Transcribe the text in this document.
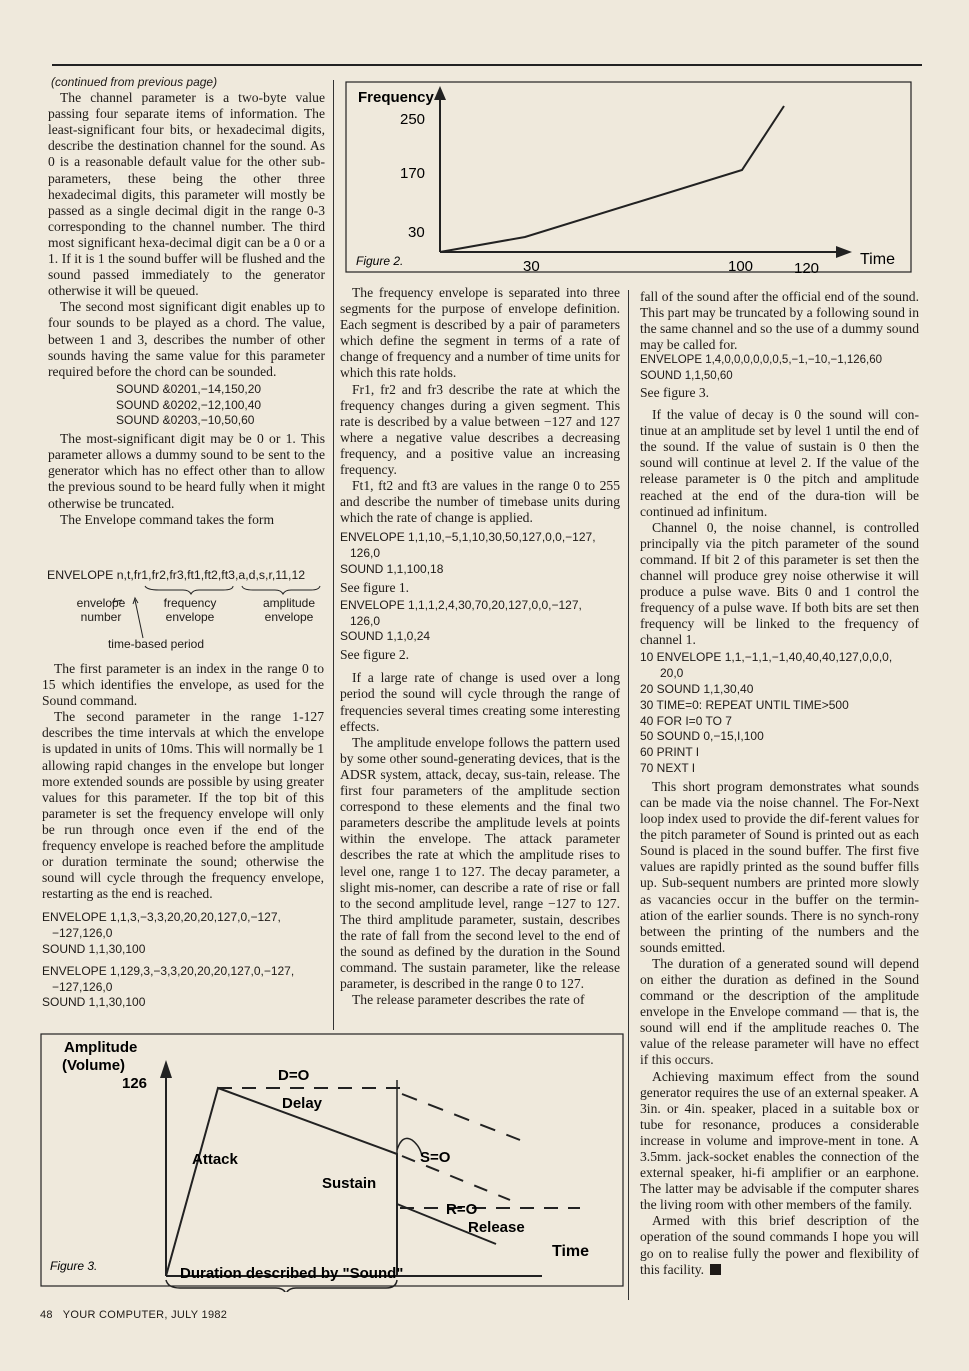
(continued from previous page)

The channel parameter is a two-byte value passing four separate items of information. The least-significant four bits, or hexadecimal digits, describe the destination channel for the sound. As 0 is a reasonable default value for the other sub-parameters, these being the other three hexadecimal digits, this parameter will mostly be passed as a single decimal digit in the range 0-3 corresponding to the channel number. The third most significant hexa-decimal digit can be a 0 or a 1. If it is 1 the sound buffer will be flushed and the sound passed immediately to the generator otherwise it will be queued.

The second most significant digit enables up to four sounds to be played as a chord. The value, between 1 and 3, describes the number of other sounds having the same value for this parameter required before the chord can be sounded.

SOUND &0201,−14,150,20
SOUND &0202,−12,100,40
SOUND &0203,−10,50,60

The most-significant digit may be 0 or 1. This parameter allows a dummy sound to be sent to the generator which has no effect other than to allow the previous sound to be heard fully when it might otherwise be truncated.

The Envelope command takes the form

ENVELOPE n,t,fr1,fr2,fr3,ft1,ft2,ft3,a,d,s,r,11,12
envelope
number
frequency
envelope
amplitude
envelope
time-based period

The first parameter is an index in the range 0 to 15 which identifies the envelope, as used for the Sound command.

The second parameter in the range 1-127 describes the time intervals at which the envelope is updated in units of 10ms. This will normally be 1 allowing rapid changes in the envelope but longer more extended sounds are possible by using greater values for this parameter. If the top bit of this parameter is set the frequency envelope will only be run through once even if the end of the frequency envelope is reached before the amplitude or duration terminate the sound; otherwise the sound will cycle through the frequency envelope, restarting as the end is reached.

ENVELOPE 1,1,3,−3,3,20,20,20,127,0,−127,
−127,126,0
SOUND 1,1,30,100
ENVELOPE 1,129,3,−3,3,20,20,20,127,0,−127,
−127,126,0
SOUND 1,1,30,100
Frequency
250
170
30
30	100	120
Time
Figure 2.

The frequency envelope is separated into three segments for the purpose of envelope definition. Each segment is described by a pair of parameters which define the segment in terms of a rate of change of frequency and a number of time units for which this rate holds.

Fr1, fr2 and fr3 describe the rate at which the frequency changes during a given segment. This rate is described by a value between −127 and 127 where a negative value describes a decreasing frequency, and a positive value an increasing frequency.

Ft1, ft2 and ft3 are values in the range 0 to 255 and describe the number of timebase units during which the rate of change is applied.

ENVELOPE 1,1,10,−5,1,10,30,50,127,0,0,−127,
126,0
SOUND 1,1,100,18

See figure 1.

ENVELOPE 1,1,1,2,4,30,70,20,127,0,0,−127,
126,0
SOUND 1,1,0,24

See figure 2.

If a large rate of change is used over a long period the sound will cycle through the range of frequencies several times creating some interesting effects.

The amplitude envelope follows the pattern used by some other sound-generating devices, that is the ADSR system, attack, decay, sus-tain, release. The first four parameters of the amplitude section correspond to these elements and the final two parameters describe the amplitude levels at points within the envelope. The attack parameter describes the rate at which the amplitude rises to level one, range 1 to 127. The decay parameter, a slight mis-nomer, can describe a rate of rise or fall to the second amplitude level, range −127 to 127. The third amplitude parameter, sustain, describes the rate of fall from the second level to the end of the sound as defined by the duration in the Sound command. The sustain parameter, like the release parameter, is described in the range 0 to 127.

The release parameter describes the rate of

fall of the sound after the official end of the sound. This part may be truncated by a following sound in the same channel and so the use of a dummy sound may be called for.

ENVELOPE 1,4,0,0,0,0,0,0,5,−1,−10,−1,126,60
SOUND 1,1,50,60

See figure 3.

If the value of decay is 0 the sound will con-tinue at an amplitude set by level 1 until the end of the sound. If the value of sustain is 0 then the sound will continue at level 2. If the value of the release parameter is 0 the pitch and amplitude reached at the end of the dura-tion will be continued ad infinitum.

Channel 0, the noise channel, is controlled principally via the pitch parameter of the sound command. If bit 2 of this parameter is set then the channel will produce grey noise otherwise it will produce a pulse wave. Bits 0 and 1 control the frequency of a pulse wave. If both bits are set then frequency will be linked to the frequency of channel 1.

10 ENVELOPE 1,1,−1,1,−1,40,40,40,127,0,0,0,
20,0
20 SOUND 1,1,30,40
30 TIME=0: REPEAT UNTIL TIME>500
40 FOR I=0 TO 7
50 SOUND 0,−15,I,100
60 PRINT I
70 NEXT I

This short program demonstrates what sounds can be made via the noise channel. The For-Next loop index used to provide the dif-ferent values for the pitch parameter of Sound is printed out as each Sound is placed in the sound buffer. The first five values are rapidly printed as the sound buffer fills up. Sub-sequent numbers are printed more slowly as vacancies occur in the buffer on the termin-ation of the earlier sounds. There is no synch-rony between the printing of the numbers and the sounds emitted.

The duration of a generated sound will depend on either the duration as defined in the Sound command or the description of the amplitude envelope in the Envelope command — that is, the sound will end if the amplitude reaches 0. The value of the release parameter will have no effect if this occurs.

Achieving maximum effect from the sound generator requires the use of an external speaker. A 3in. or 4in. speaker, placed in a suitable box or tube for resonance, produces a considerable increase in volume and improve-ment in tone. A 3.5mm. jack-socket enables the connection of the external speaker, hi-fi amplifier or an earphone. The latter may be advisable if the computer shares the living room with other members of the family.

Armed with this brief description of the operation of the sound commands I hope you will go on to realise fully the power and flexibility of this facility.

Amplitude
(Volume)
126	D=O
Delay
Attack
Sustain
S=O
R=O
Release
Time
Figure 3.	Duration described by "Sound"
48   YOUR COMPUTER, JULY 1982
